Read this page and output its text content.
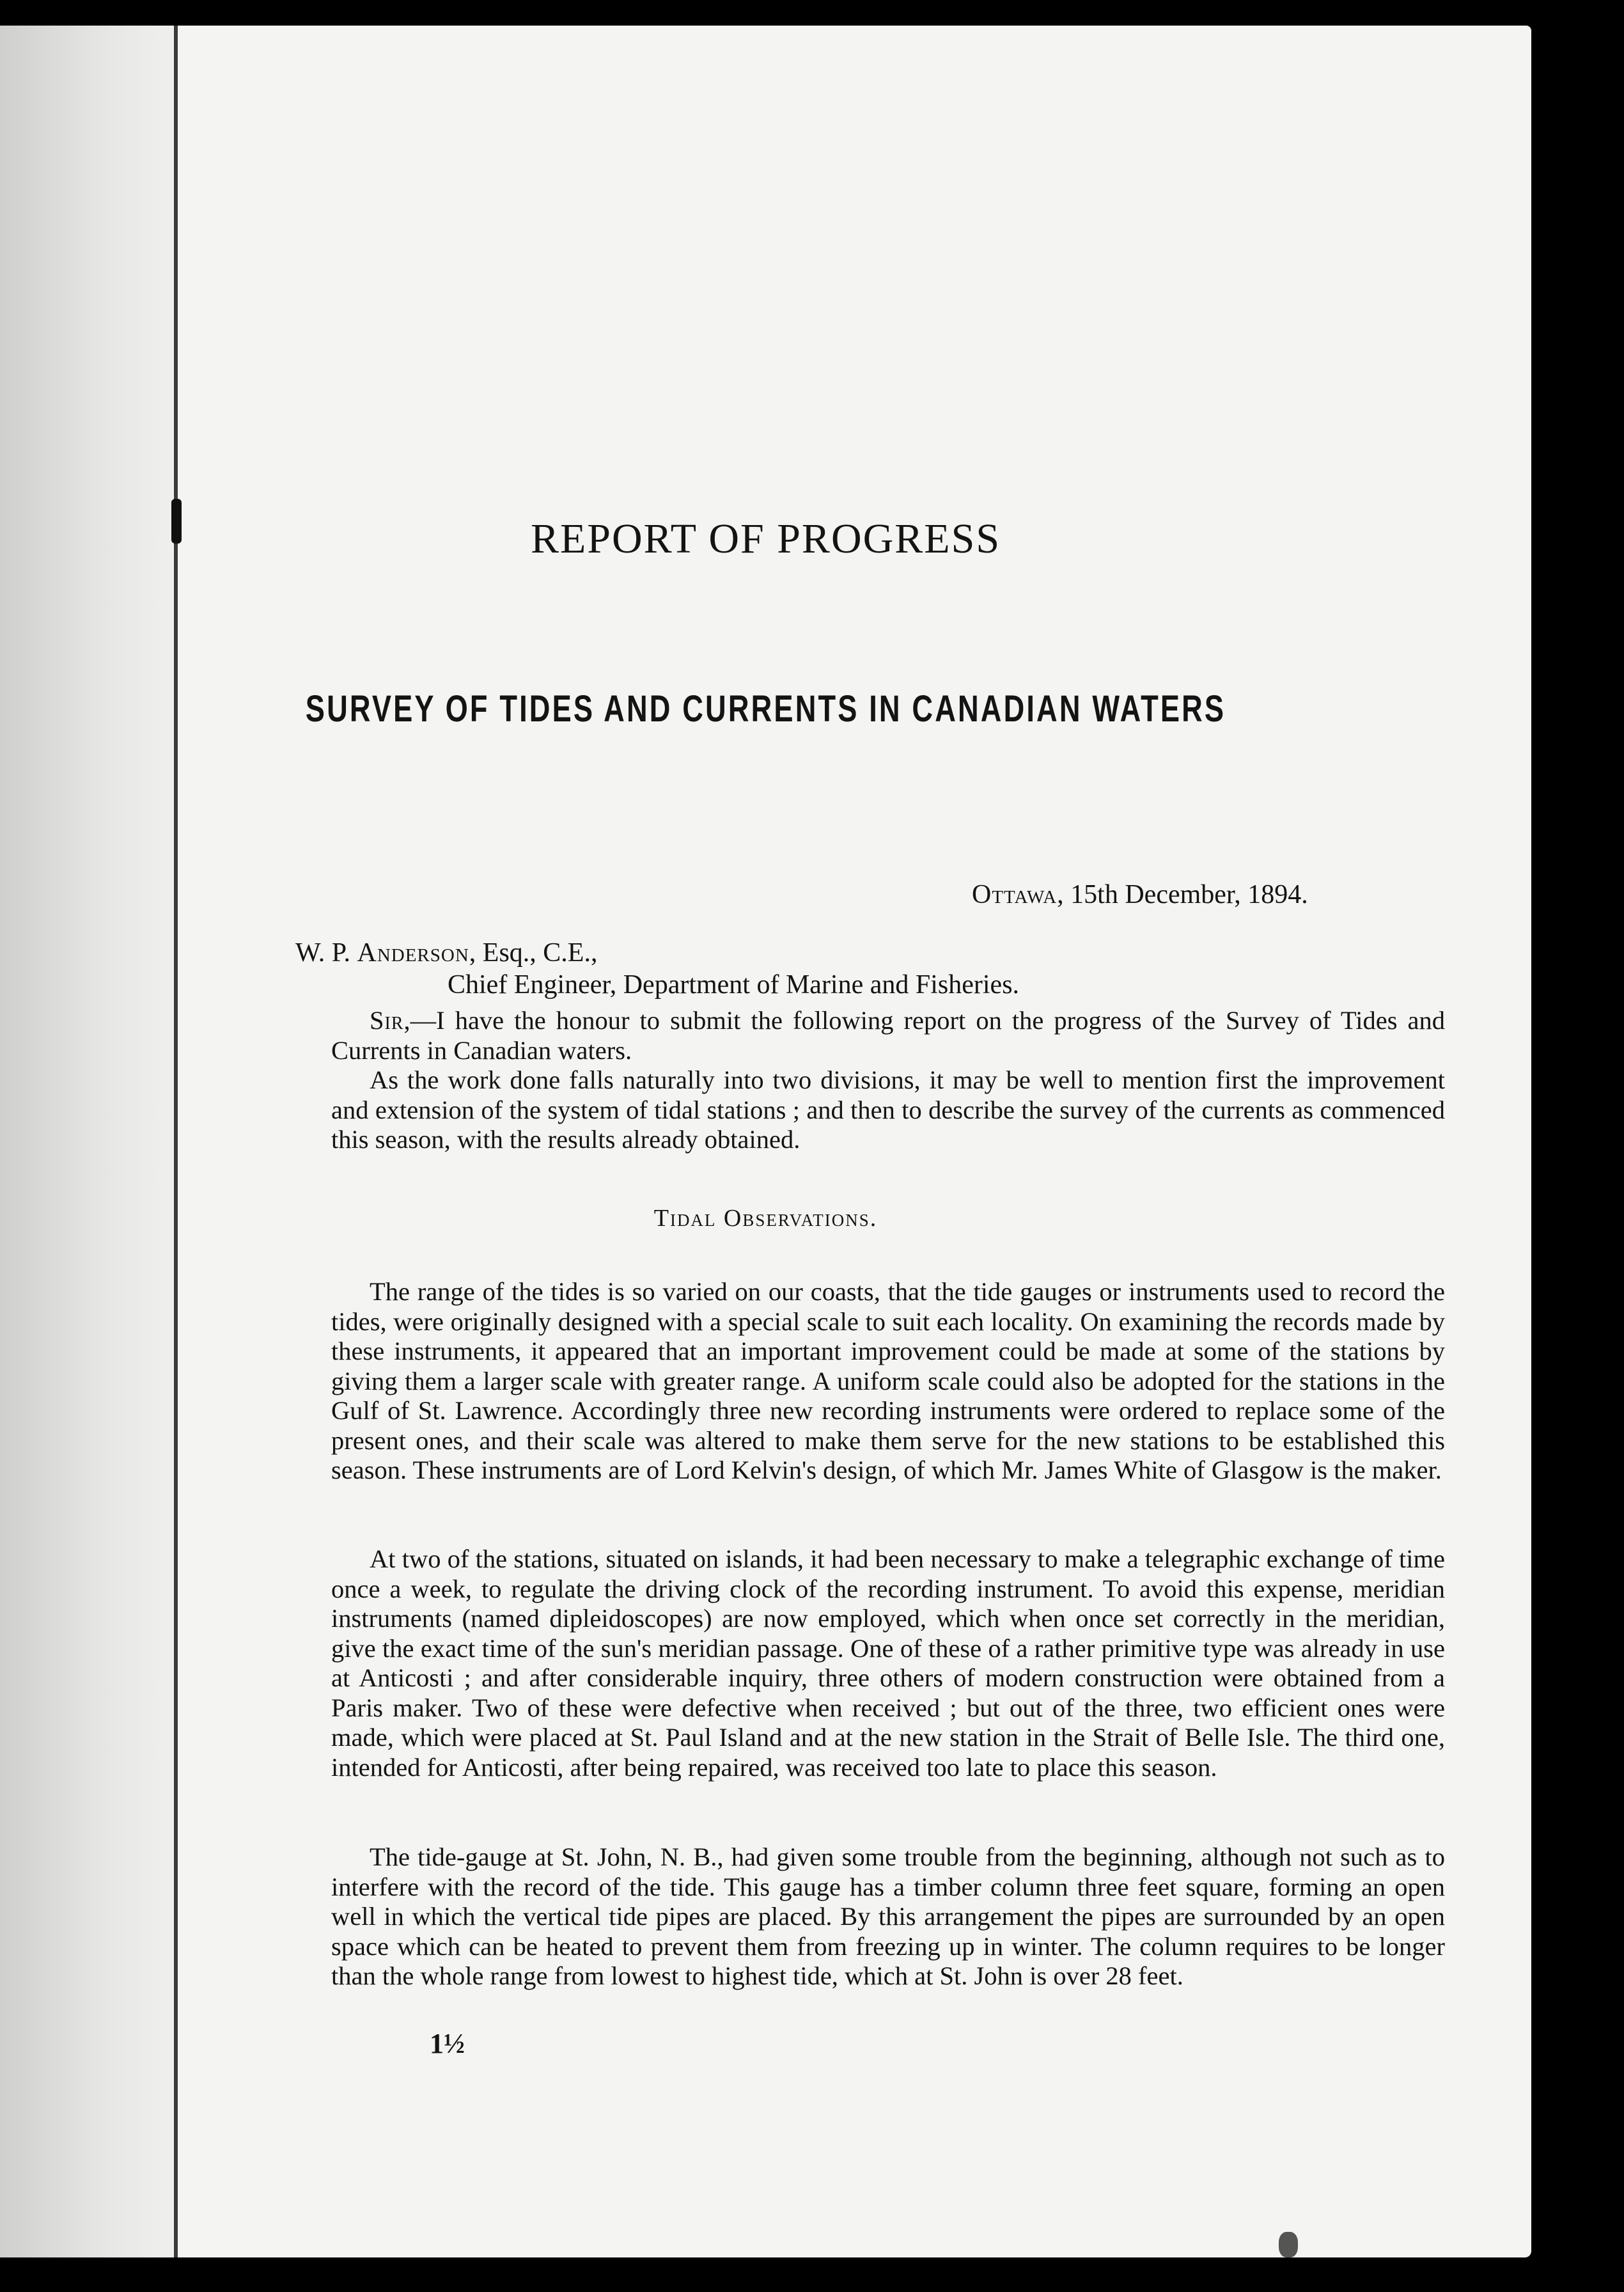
REPORT OF PROGRESS
SURVEY OF TIDES AND CURRENTS IN CANADIAN WATERS
Ottawa, 15th December, 1894.
W. P. Anderson, Esq., C.E.,
Chief Engineer, Department of Marine and Fisheries.

Sir,—I have the honour to submit the following report on the progress of the Survey of Tides and Currents in Canadian waters.

As the work done falls naturally into two divisions, it may be well to mention first the improvement and extension of the system of tidal stations ; and then to describe the survey of the currents as commenced this season, with the results already obtained.

Tidal Observations.

The range of the tides is so varied on our coasts, that the tide gauges or instruments used to record the tides, were originally designed with a special scale to suit each locality. On examining the records made by these instruments, it appeared that an important improvement could be made at some of the stations by giving them a larger scale with greater range. A uniform scale could also be adopted for the stations in the Gulf of St. Lawrence. Accordingly three new recording instruments were ordered to replace some of the present ones, and their scale was altered to make them serve for the new stations to be established this season. These instruments are of Lord Kelvin's design, of which Mr. James White of Glasgow is the maker.

At two of the stations, situated on islands, it had been necessary to make a telegraphic exchange of time once a week, to regulate the driving clock of the recording instrument. To avoid this expense, meridian instruments (named dipleidoscopes) are now employed, which when once set correctly in the meridian, give the exact time of the sun's meridian passage. One of these of a rather primitive type was already in use at Anticosti ; and after considerable inquiry, three others of modern construction were obtained from a Paris maker. Two of these were defective when received ; but out of the three, two efficient ones were made, which were placed at St. Paul Island and at the new station in the Strait of Belle Isle. The third one, intended for Anticosti, after being repaired, was received too late to place this season.

The tide-gauge at St. John, N. B., had given some trouble from the beginning, although not such as to interfere with the record of the tide. This gauge has a timber column three feet square, forming an open well in which the vertical tide pipes are placed. By this arrangement the pipes are surrounded by an open space which can be heated to prevent them from freezing up in winter. The column requires to be longer than the whole range from lowest to highest tide, which at St. John is over 28 feet.

1½
